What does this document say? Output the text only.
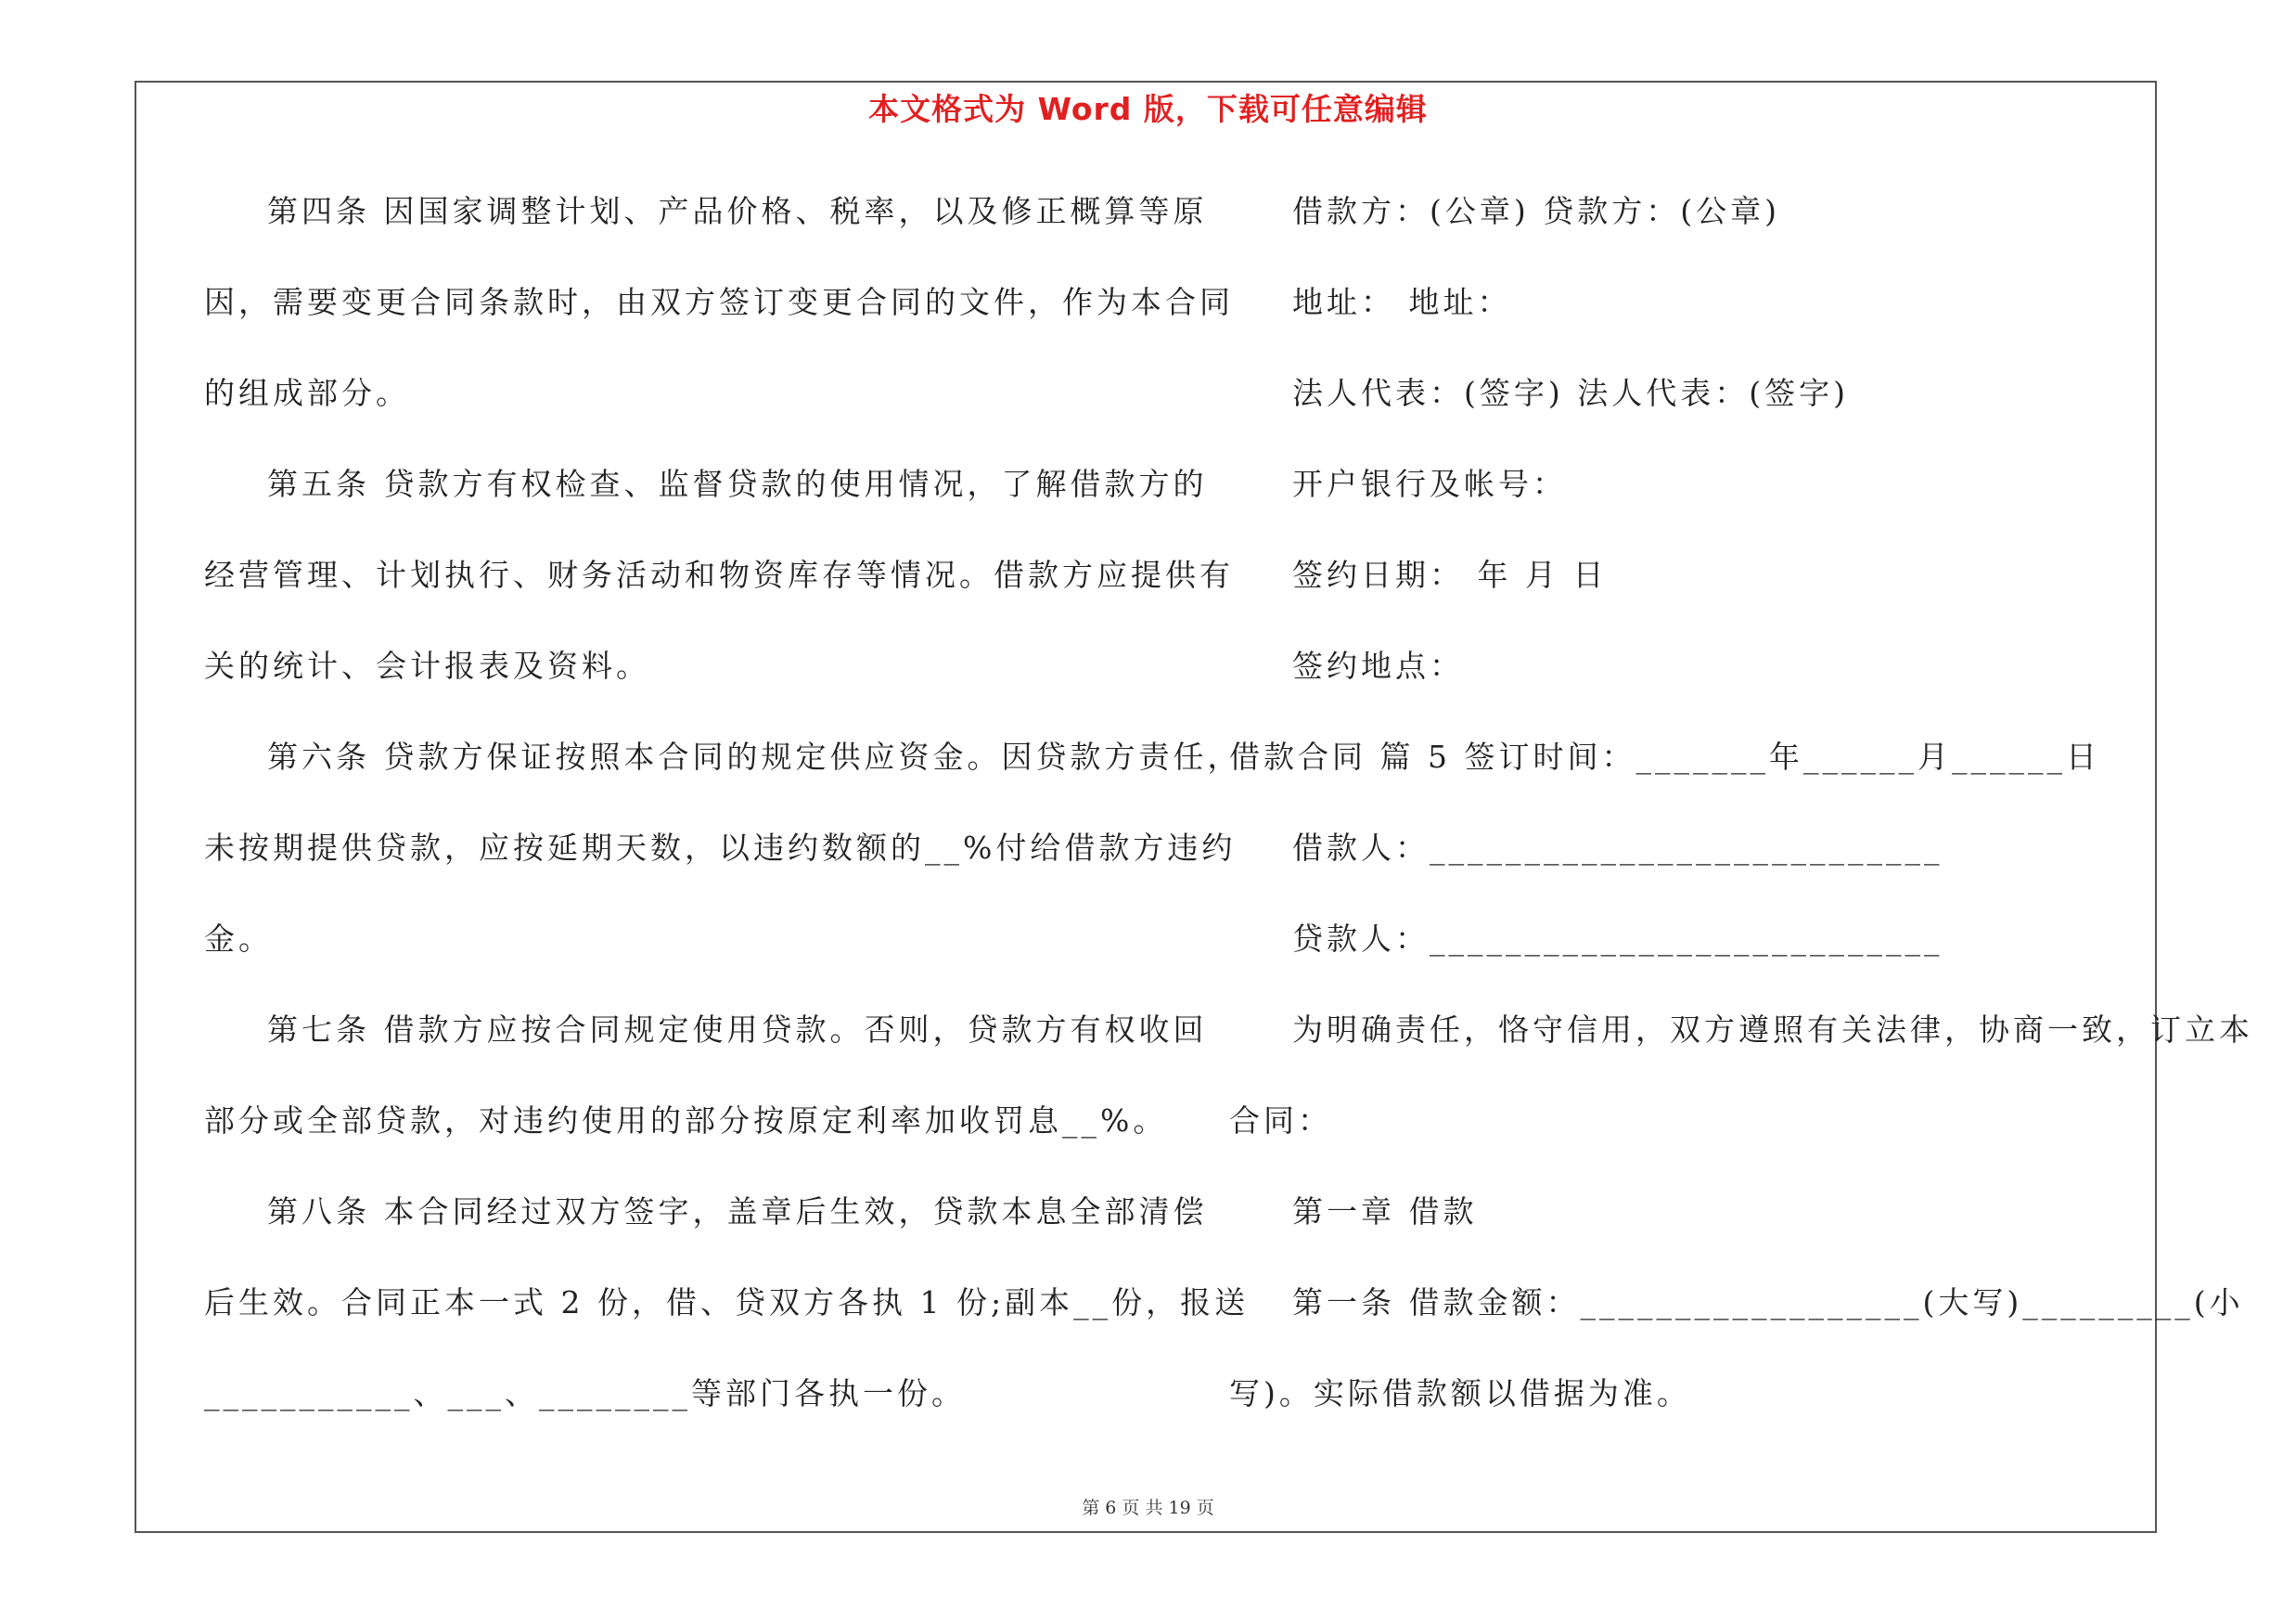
本文格式为 Word 版，下载可任意编辑
第四条 因国家调整计划、产品价格、税率，以及修正概算等原
因，需要变更合同条款时，由双方签订变更合同的文件，作为本合同
的组成部分。
第五条 贷款方有权检查、监督贷款的使用情况，了解借款方的
经营管理、计划执行、财务活动和物资库存等情况。借款方应提供有
关的统计、会计报表及资料。
第六条 贷款方保证按照本合同的规定供应资金。因贷款方责任，
未按期提供贷款，应按延期天数，以违约数额的__%付给借款方违约
金。
第七条 借款方应按合同规定使用贷款。否则，贷款方有权收回
部分或全部贷款，对违约使用的部分按原定利率加收罚息__%。
第八条 本合同经过双方签字，盖章后生效，贷款本息全部清偿
后生效。合同正本一式 2 份，借、贷双方各执 1 份;副本__份，报送
___________、___、________等部门各执一份。
借款方：(公章) 贷款方：(公章)
地址： 地址：
法人代表：(签字) 法人代表：(签字)
开户银行及帐号：
签约日期： 年 月 日
签约地点：
借款合同 篇 5 签订时间：_______年______月______日
借款人：___________________________
贷款人：___________________________
为明确责任，恪守信用，双方遵照有关法律，协商一致，订立本
合同：
第一章 借款
第一条 借款金额：__________________(大写)_________(小
写)。实际借款额以借据为准。
第 6 页 共 19 页
